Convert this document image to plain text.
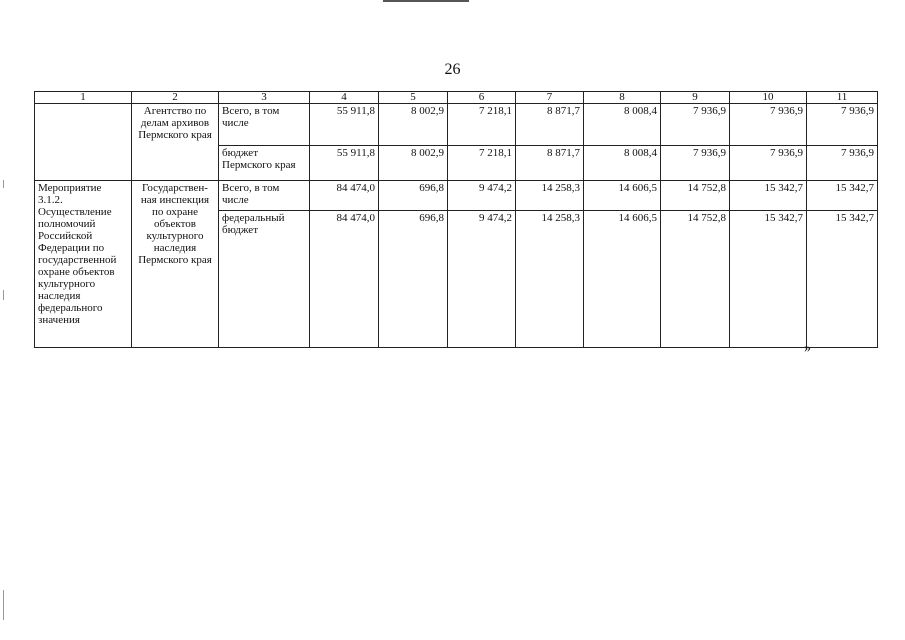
26
1	2	3	4	5	6	7	8	9	10	11
	Агентство по делам архивов Пермского края	Всего, в том числе	55 911,8	8 002,9	7 218,1	8 871,7	8 008,4	7 936,9	7 936,9	7 936,9
		бюджет Пермского края	55 911,8	8 002,9	7 218,1	8 871,7	8 008,4	7 936,9	7 936,9	7 936,9
Мероприятие 3.1.2. Осуществление полномочий Российской Федерации по государственной охране объектов культурного наследия федерального значения	Государствен-ная инспекция по охране объектов культурного наследия Пермского края	Всего, в том числе	84 474,0	696,8	9 474,2	14 258,3	14 606,5	14 752,8	15 342,7	15 342,7
		федеральный бюджет	84 474,0	696,8	9 474,2	14 258,3	14 606,5	14 752,8	15 342,7	15 342,7
»
